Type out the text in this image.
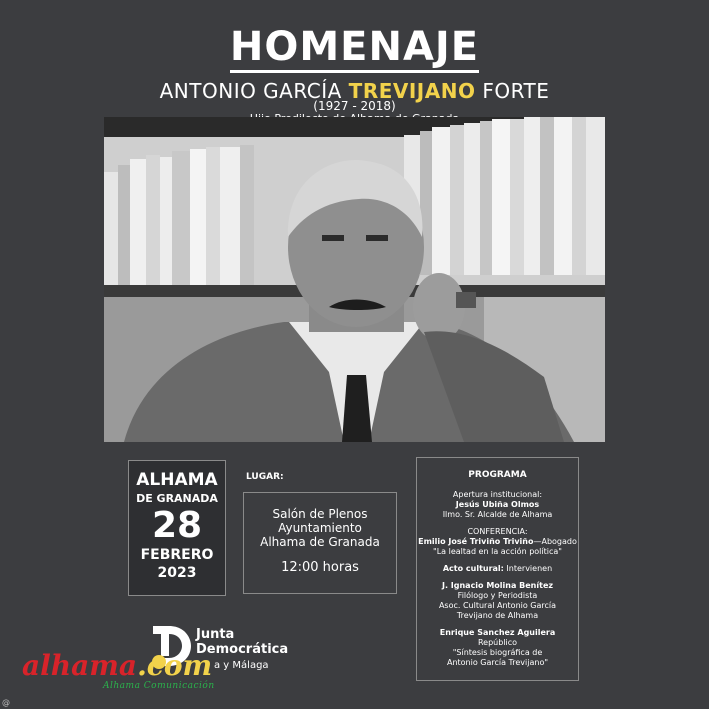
HOMENAJE
ANTONIO GARCÍA TREVIJANO FORTE
(1927 - 2018)
ALHAMA
DE GRANADA
28
FEBRERO
2023
LUGAR:
Salón de Plenos
Ayuntamiento
Alhama de Granada
12:00 horas
PROGRAMA
Apertura institucional:
Jesús Ubiña Olmos
Ilmo. Sr. Alcalde de Alhama
CONFERENCIA:
Emilio José Triviño Triviño—Abogado
"La lealtad en la acción política"
Acto cultural: Intervienen
J. Ignacio Molina Benítez
Filólogo y Periodista
Asoc. Cultural Antonio García
Trevijano de Alhama
Enrique Sanchez Aguilera
Repúblico
"Síntesis biográfica de
Antonio García Trevijano"
Junta
Democrática
a y Málaga
alhama.com
Alhama Comunicación
@
